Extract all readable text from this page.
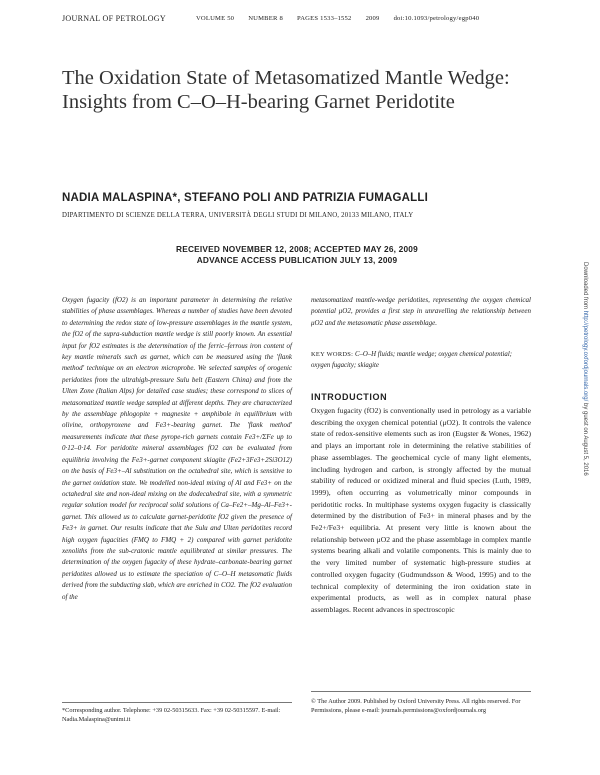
JOURNAL OF PETROLOGY	VOLUME 50 NUMBER 8 PAGES 1533–1552 2009 doi:10.1093/petrology/egp040
The Oxidation State of Metasomatized Mantle Wedge: Insights from C–O–H-bearing Garnet Peridotite
NADIA MALASPINA*, STEFANO POLI AND PATRIZIA FUMAGALLI
DIPARTIMENTO DI SCIENZE DELLA TERRA, UNIVERSITÀ DEGLI STUDI DI MILANO, 20133 MILANO, ITALY
RECEIVED NOVEMBER 12, 2008; ACCEPTED MAY 26, 2009
ADVANCE ACCESS PUBLICATION JULY 13, 2009
Oxygen fugacity (fO2) is an important parameter in determining the relative stabilities of phase assemblages. Whereas a number of studies have been devoted to determining the redox state of low-pressure assemblages in the mantle system, the fO2 of the supra-subduction mantle wedge is still poorly known. An essential input for fO2 estimates is the determination of the ferric–ferrous iron content of key mantle minerals such as garnet, which can be measured using the 'flank method' technique on an electron microprobe. We selected samples of orogenic peridotites from the ultrahigh-pressure Sulu belt (Eastern China) and from the Ulten Zone (Italian Alps) for detailed case studies; these correspond to slices of metasomatized mantle wedge sampled at different depths. They are characterized by the assemblage phlogopite + magnesite + amphibole in equilibrium with olivine, orthopyroxene and Fe3+-bearing garnet. The 'flank method' measurements indicate that these pyrope-rich garnets contain Fe3+/ΣFe up to 0·12–0·14. For peridotite mineral assemblages fO2 can be evaluated from equilibria involving the Fe3+-garnet component skiagite (Fe2+3Fe3+2Si3O12) on the basis of Fe3+–Al substitution on the octahedral site, which is sensitive to the garnet oxidation state. We modelled non-ideal mixing of Al and Fe3+ on the octahedral site and non-ideal mixing on the dodecahedral site, with a symmetric regular solution model for reciprocal solid solutions of Ca–Fe2+–Mg–Al–Fe3+-garnet. This allowed us to calculate garnet-peridotite fO2 given the presence of Fe3+ in garnet. Our results indicate that the Sulu and Ulten peridotites record high oxygen fugacities (FMQ to FMQ + 2) compared with garnet peridotite xenoliths from the sub-cratonic mantle equilibrated at similar pressures. The determination of the oxygen fugacity of these hydrate–carbonate-bearing garnet peridotites allowed us to estimate the speciation of C–O–H metasomatic fluids derived from the subducting slab, which are enriched in CO2. The fO2 evaluation of the
metasomatized mantle-wedge peridotites, representing the oxygen chemical potential μO2, provides a first step in unravelling the relationship between μO2 and the metasomatic phase assemblage.
KEY WORDS: C–O–H fluids; mantle wedge; oxygen chemical potential; oxygen fugacity; skiagite
INTRODUCTION
Oxygen fugacity (fO2) is conventionally used in petrology as a variable describing the oxygen chemical potential (μO2). It controls the valence state of redox-sensitive elements such as iron (Eugster & Wones, 1962) and plays an important role in determining the relative stabilities of phase assemblages. The geochemical cycle of many light elements, including hydrogen and carbon, is strongly affected by the mutual stability of reduced or oxidized mineral and fluid species (Luth, 1989, 1999), often occurring as volumetrically minor compounds in peridotitic rocks. In multiphase systems oxygen fugacity is classically determined by the distribution of Fe3+ in mineral phases and by the Fe2+/Fe3+ equilibria. At present very little is known about the relationship between μO2 and the phase assemblage in complex mantle systems bearing alkali and volatile components. This is mainly due to the very limited number of systematic high-pressure studies at controlled oxygen fugacity (Gudmundsson & Wood, 1995) and to the technical complexity of determining the iron oxidation state in experimental products, as well as in complex natural phase assemblages. Recent advances in spectroscopic
*Corresponding author. Telephone: +39 02-50315633. Fax: +39 02-50315597. E-mail: Nadia.Malaspina@unimi.it
© The Author 2009. Published by Oxford University Press. All rights reserved. For Permissions, please e-mail: journals.permissions@oxfordjournals.org
Downloaded from http://petrology.oxfordjournals.org/ by guest on August 5, 2016
